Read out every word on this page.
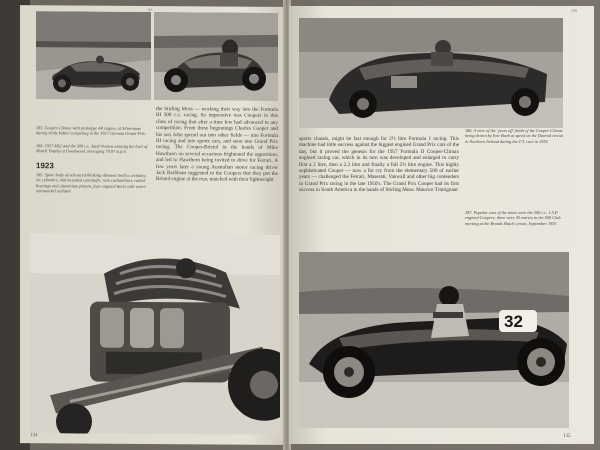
183. Cooper-Climax with prototype 4R engine, at Silverstone during trials before competing in the 1957 German Grand Prix.
184. 1957 Mk2 and the 500 c.c. Kieft Norton winning the Earl of March Trophy at Goodwood, averaging 79.97 m.p.h.
1923
185. Spare body of advanced thinking slimmed itself a certainty, six cylinders, mid mounted camshafts, twin carburettors, radial bearings and aluminium pistons, four-engined Boris with water-surrounded radiator
the Stirling Moss — working their way into the Formula III 500 c.c. racing. So impressive was Coopers in this class of racing that after a time few had advanced to any competition. From these beginnings Charles Cooper and his son John spread out into other fields — into Formula III racing and into sports cars, and soon into Grand Prix racing. The Cooper-Bristol in the hands of Mike Hawthorn on several occasions frightened the opposition, and led to Hawthorn being invited to drive for Ferrari. A few years later a young Australian motor racing driver Jack Brabham suggested to the Coopers that they put the Bristol engine at the rear, matched with their lightweight
134
SS
sports chassis, might be fast enough for 2½ litre Formula 1 racing. This machine had little success against the biggest engined Grand Prix cars of the day, but it proved the genesis for the 1957 Formula II Cooper-Climax engined racing car, which in its turn was developed and enlarged to carry first a 2 litre, then a 2.2 litre and finally a full 2½ litre engine. This highly sophisticated Cooper — now a far cry from the elementary 500 of earlier years — challenged the Ferrari, Maserati, Vanwall and other big contenders in Grand Prix racing in the late 1950's. The Grand Prix Cooper had its first success in South America in the hands of Stirling Moss. Maurice Trintignant
186. A view of the 'years off' finish of the Cooper-Climax being driven by Ivor Bueb at speed on the Dunrod circuit in Northern Ireland during the T.T. race in 1955
187. Popular cars of the times were the 500 c.c. J.A.P. engined Coopers; there were 43 entries in the 500 Club meeting at the Brands Hatch circuit, September 1955
32
135
135
